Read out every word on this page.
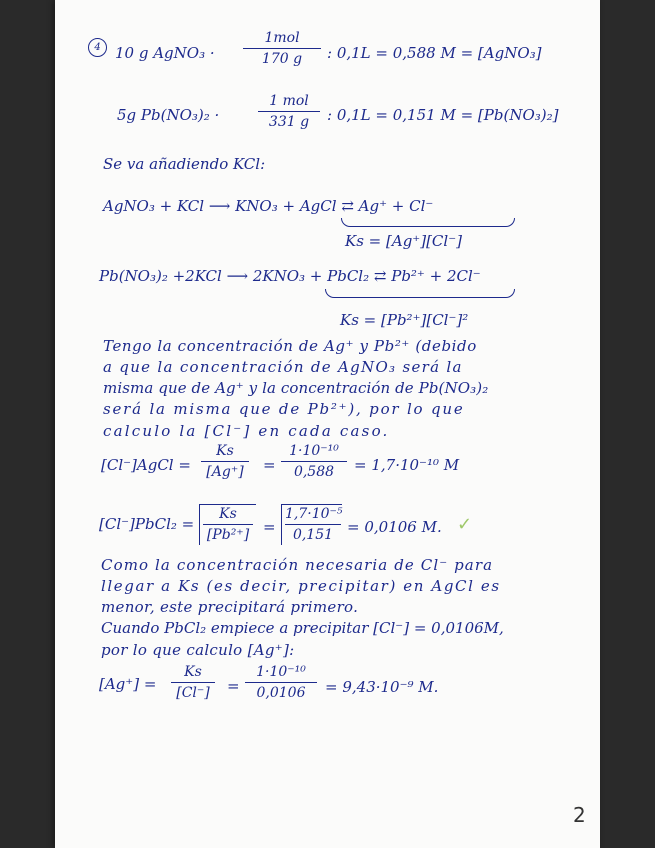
4 10 g AgNO₃ ·
1mol
170 g	: 0,1L = 0,588 M = [AgNO₃]
5g Pb(NO₃)₂ ·
1 mol
331 g	: 0,1L = 0,151 M = [Pb(NO₃)₂]
Se va añadiendo KCl:
AgNO₃ + KCl ⟶ KNO₃ + AgCl ⇄ Ag⁺ + Cl⁻
Ks = [Ag⁺][Cl⁻]
Pb(NO₃)₂ +2KCl ⟶ 2KNO₃ + PbCl₂ ⇄ Pb²⁺ + 2Cl⁻
Ks = [Pb²⁺][Cl⁻]²
Tengo la concentración de Ag⁺ y Pb²⁺ (debido
a que la concentración de AgNO₃ será la
misma que de Ag⁺ y la concentración de Pb(NO₃)₂
será la misma que de Pb²⁺), por lo que
calculo la [Cl⁻] en cada caso.
[Cl⁻]AgCl =
Ks
[Ag⁺]	=
1·10⁻¹⁰
0,588	= 1,7·10⁻¹⁰ M
[Cl⁻]PbCl₂ =
Ks
[Pb²⁺] =
1,7·10⁻⁵
0,151 = 0,0106 M. ✓
Como la concentración necesaria de Cl⁻ para
llegar a Ks (es decir, precipitar) en AgCl es
menor, este precipitará primero.
Cuando PbCl₂ empiece a precipitar [Cl⁻] = 0,0106M,
por lo que calculo [Ag⁺]:
[Ag⁺] =
Ks
[Cl⁻]	=
1·10⁻¹⁰
0,0106	= 9,43·10⁻⁹ M.
2
